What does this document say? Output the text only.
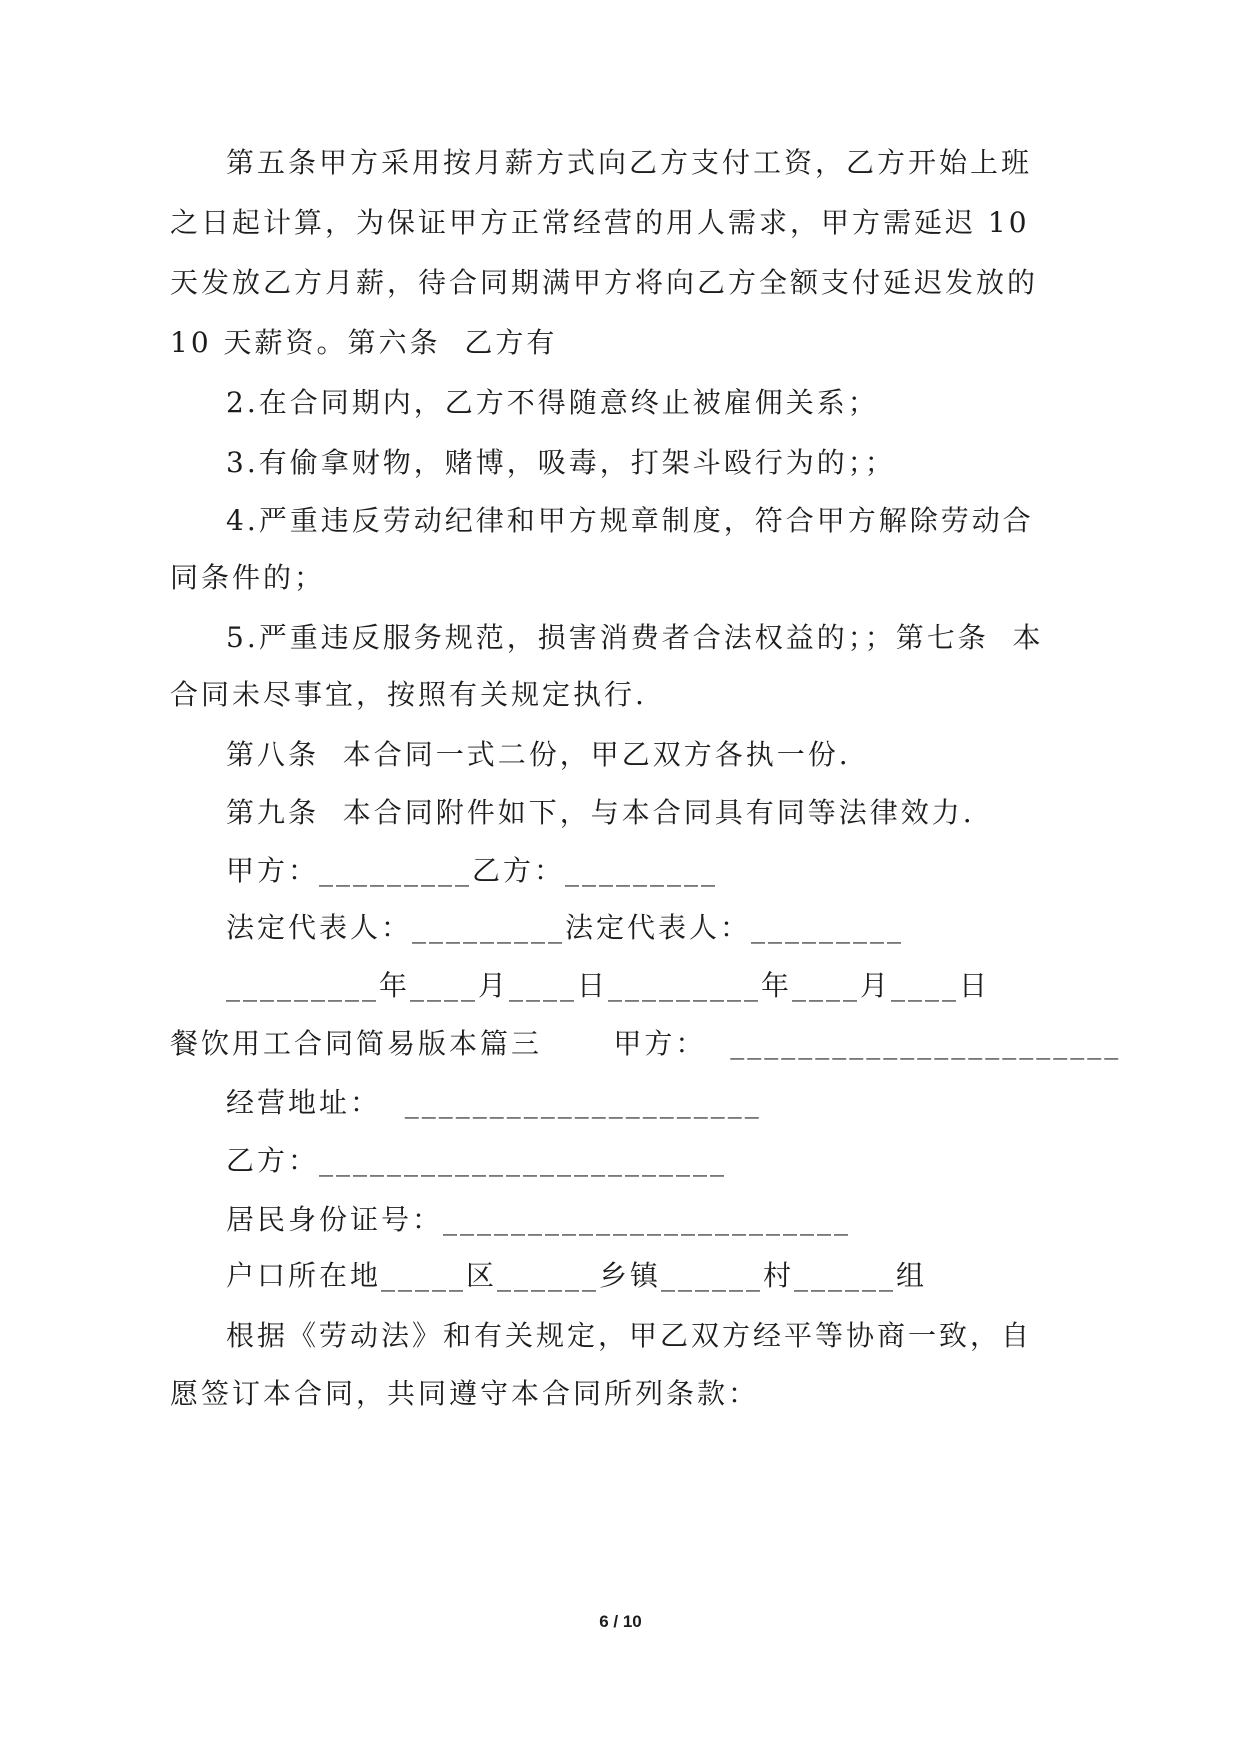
第五条甲方采用按月薪方式向乙方支付工资，乙方开始上班
之日起计算，为保证甲方正常经营的用人需求，甲方需延迟 10
天发放乙方月薪，待合同期满甲方将向乙方全额支付延迟发放的
10 天薪资。第六条  乙方有
2.在合同期内，乙方不得随意终止被雇佣关系；
3.有偷拿财物，赌博，吸毒，打架斗殴行为的；；
4.严重违反劳动纪律和甲方规章制度，符合甲方解除劳动合
同条件的；
5.严重违反服务规范，损害消费者合法权益的；；第七条  本
合同未尽事宜，按照有关规定执行.
第八条  本合同一式二份，甲乙双方各执一份.
第九条  本合同附件如下，与本合同具有同等法律效力.
甲方：_________乙方：_________
法定代表人：_________法定代表人：_________
_________年____月____日_________年____月____日
餐饮用工合同简易版本篇三      甲方：  _______________________
经营地址：  _____________________
乙方：________________________
居民身份证号：________________________
户口所在地_____区______乡镇______村______组
根据《劳动法》和有关规定，甲乙双方经平等协商一致，自
愿签订本合同，共同遵守本合同所列条款：
6 / 10
